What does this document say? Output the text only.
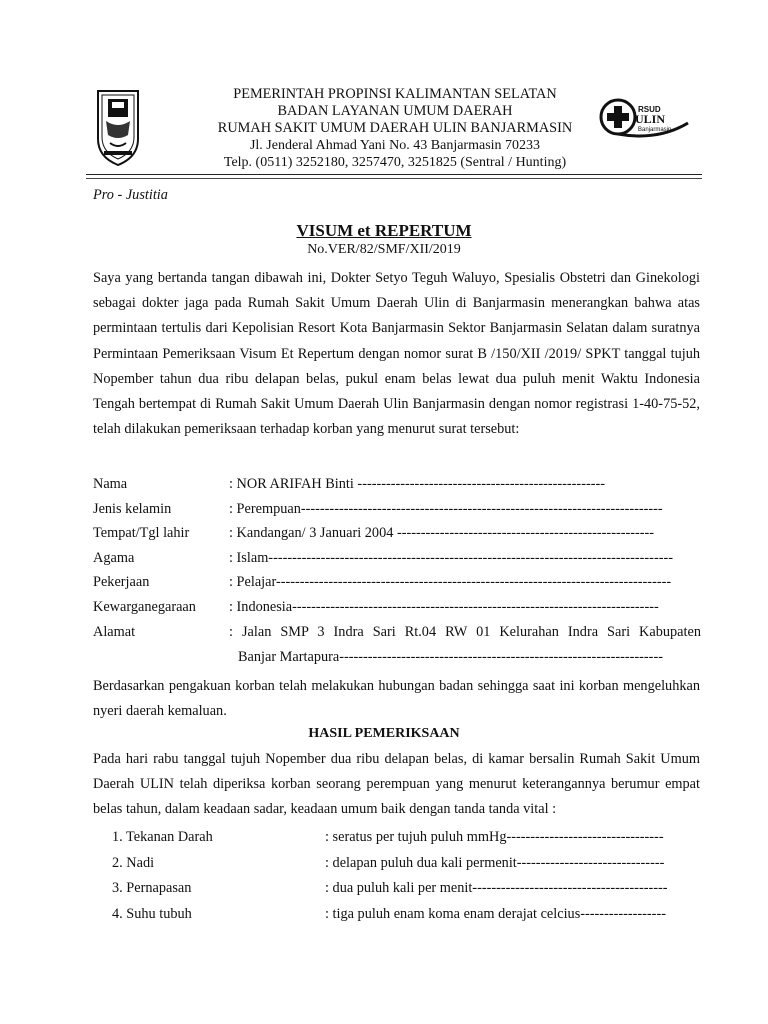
RSUD
ULIN
Banjarmasin
PEMERINTAH PROPINSI KALIMANTAN SELATAN
BADAN LAYANAN UMUM DAERAH
RUMAH SAKIT UMUM DAERAH ULIN BANJARMASIN
Jl. Jenderal Ahmad Yani No. 43 Banjarmasin 70233
Telp. (0511) 3252180, 3257470, 3251825 (Sentral / Hunting)
Pro - Justitia
VISUM et REPERTUM
No.VER/82/SMF/XII/2019

Saya yang bertanda tangan dibawah ini, Dokter Setyo Teguh Waluyo, Spesialis Obstetri dan Ginekologi sebagai dokter jaga pada Rumah Sakit Umum Daerah Ulin di Banjarmasin menerangkan bahwa atas permintaan tertulis dari Kepolisian Resort Kota Banjarmasin Sektor Banjarmasin Selatan dalam suratnya Permintaan Pemeriksaan Visum Et Repertum dengan nomor surat B /150/XII /2019/ SPKT tanggal tujuh Nopember tahun dua ribu delapan belas, pukul enam belas lewat dua puluh menit Waktu Indonesia Tengah bertempat di Rumah Sakit Umum Daerah Ulin Banjarmasin dengan nomor registrasi 1-40-75-52, telah dilakukan pemeriksaan terhadap korban yang menurut surat tersebut:

Nama	: NOR ARIFAH Binti ----------------------------------------------------
Jenis kelamin	: Perempuan----------------------------------------------------------------------------
Tempat/Tgl lahir	: Kandangan/ 3 Januari 2004 ------------------------------------------------------
Agama	: Islam-------------------------------------------------------------------------------------
Pekerjaan	: Pelajar-----------------------------------------------------------------------------------
Kewarganegaraan : Indonesia-----------------------------------------------------------------------------
Alamat	: Jalan SMP 3 Indra Sari Rt.04 RW 01 Kelurahan Indra Sari Kabupaten
Banjar Martapura--------------------------------------------------------------------

Berdasarkan pengakuan korban telah melakukan hubungan badan sehingga saat ini korban mengeluhkan nyeri daerah kemaluan.

HASIL PEMERIKSAAN

Pada hari rabu tanggal tujuh Nopember dua ribu delapan belas, di kamar bersalin Rumah Sakit Umum Daerah ULIN telah diperiksa korban seorang perempuan yang menurut keterangannya berumur empat belas tahun, dalam keadaan sadar, keadaan umum baik dengan tanda tanda vital :

1. Tekanan Darah	: seratus per tujuh puluh mmHg---------------------------------
2. Nadi	: delapan puluh dua kali permenit-------------------------------
3. Pernapasan	: dua puluh kali per menit-----------------------------------------
4. Suhu tubuh	: tiga puluh enam koma enam derajat celcius------------------
